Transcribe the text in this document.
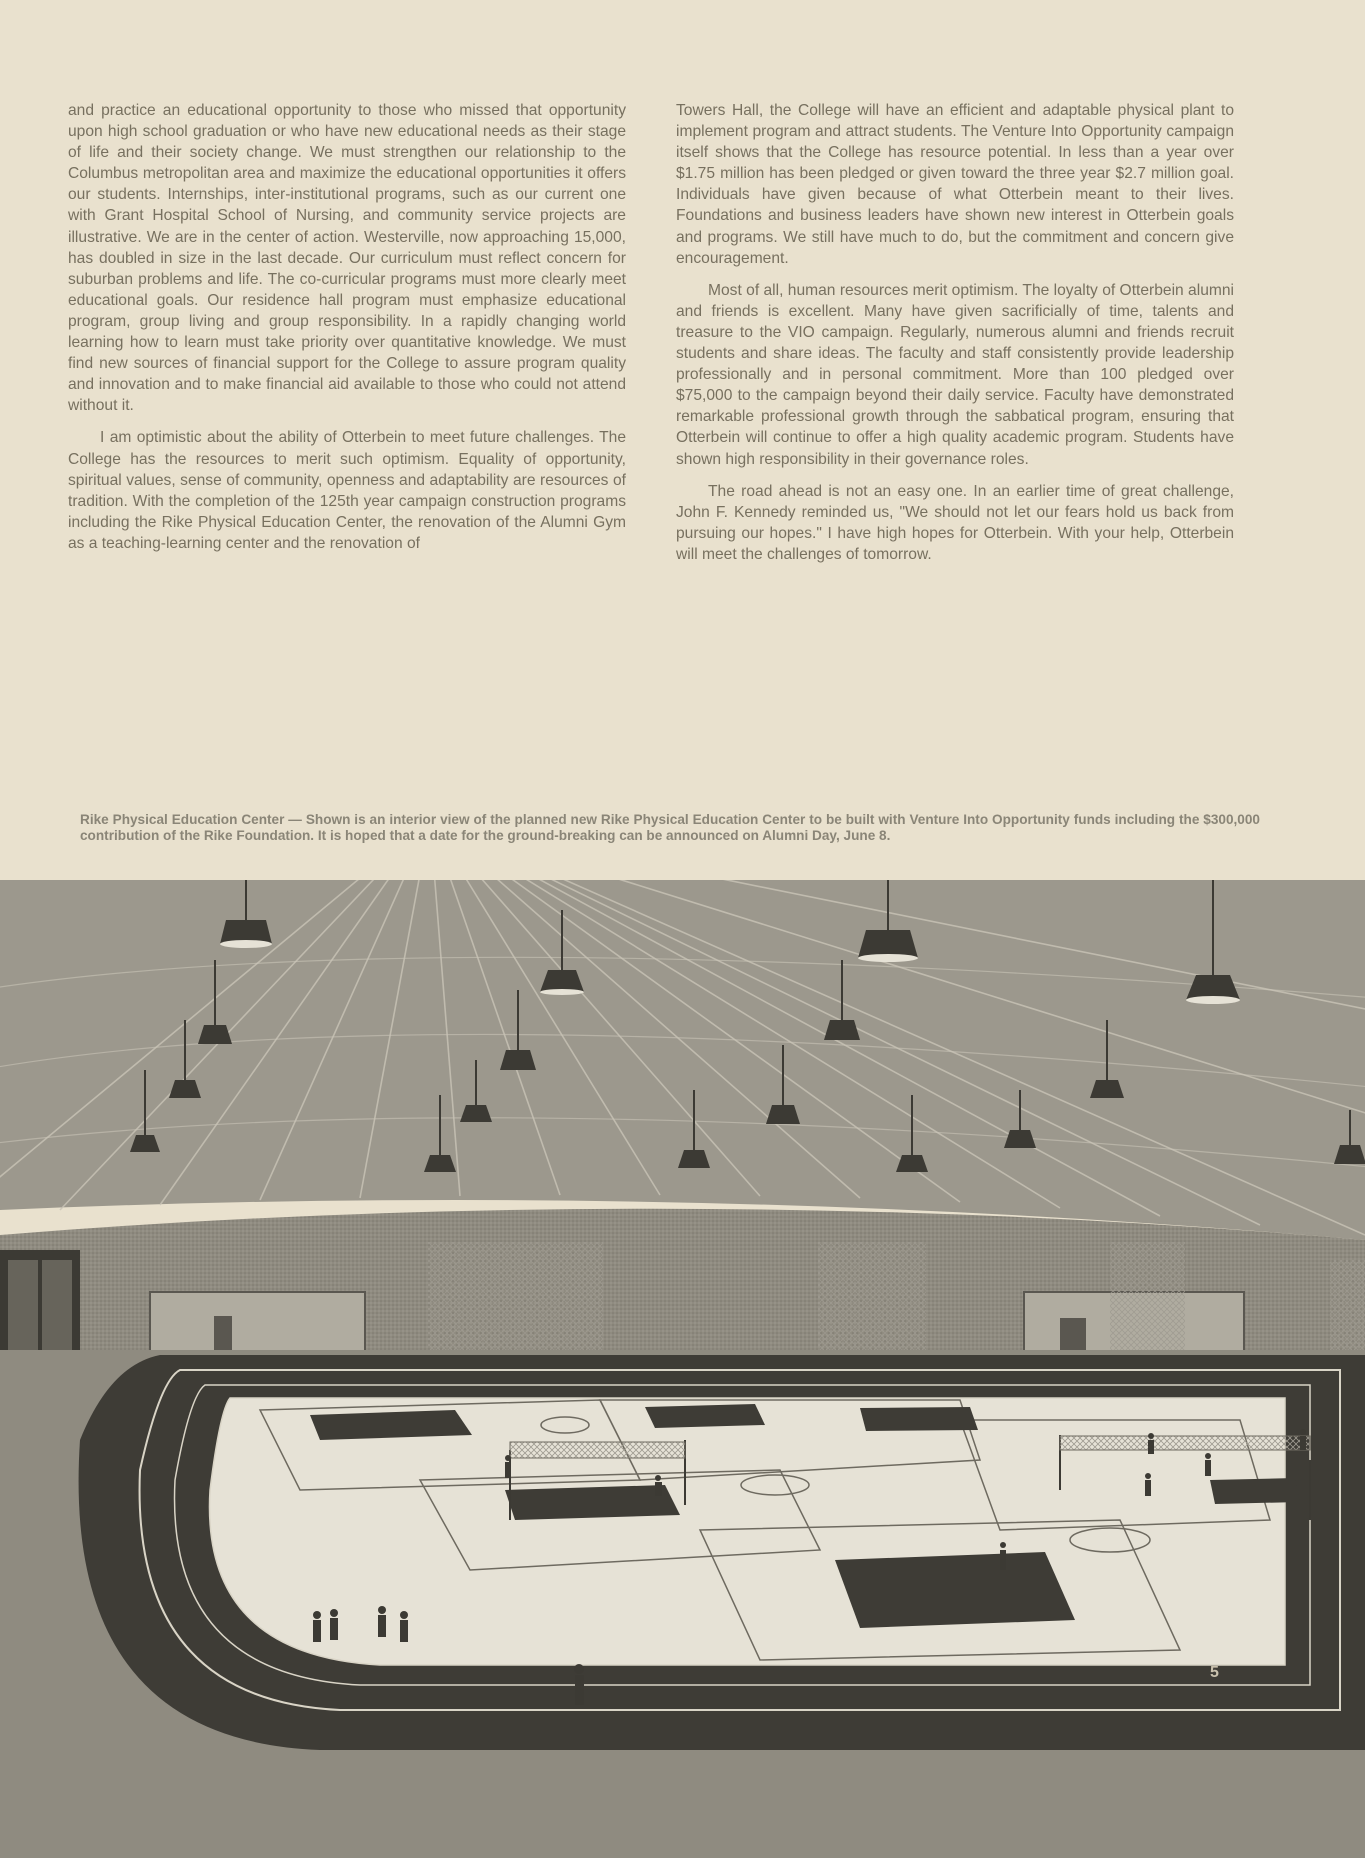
and practice an educational opportunity to those who missed that opportunity upon high school graduation or who have new educational needs as their stage of life and their society change. We must strengthen our relationship to the Columbus metropolitan area and maximize the educational opportunities it offers our students. Internships, inter-institutional programs, such as our current one with Grant Hospital School of Nursing, and community service projects are illustrative. We are in the center of action. Westerville, now approaching 15,000, has doubled in size in the last decade. Our curriculum must reflect concern for suburban problems and life. The co-curricular programs must more clearly meet educational goals. Our residence hall program must emphasize educational program, group living and group responsibility. In a rapidly changing world learning how to learn must take priority over quantitative knowledge. We must find new sources of financial support for the College to assure program quality and innovation and to make financial aid available to those who could not attend without it.

I am optimistic about the ability of Otterbein to meet future challenges. The College has the resources to merit such optimism. Equality of opportunity, spiritual values, sense of community, openness and adaptability are resources of tradition. With the completion of the 125th year campaign construction programs including the Rike Physical Education Center, the renovation of the Alumni Gym as a teaching-learning center and the renovation of

Towers Hall, the College will have an efficient and adaptable physical plant to implement program and attract students. The Venture Into Opportunity campaign itself shows that the College has resource potential. In less than a year over $1.75 million has been pledged or given toward the three year $2.7 million goal. Individuals have given because of what Otterbein meant to their lives. Foundations and business leaders have shown new interest in Otterbein goals and programs. We still have much to do, but the commitment and concern give encouragement.

Most of all, human resources merit optimism. The loyalty of Otterbein alumni and friends is excellent. Many have given sacrificially of time, talents and treasure to the VIO campaign. Regularly, numerous alumni and friends recruit students and share ideas. The faculty and staff consistently provide leadership professionally and in personal commitment. More than 100 pledged over $75,000 to the campaign beyond their daily service. Faculty have demonstrated remarkable professional growth through the sabbatical program, ensuring that Otterbein will continue to offer a high quality academic program. Students have shown high responsibility in their governance roles.

The road ahead is not an easy one. In an earlier time of great challenge, John F. Kennedy reminded us, "We should not let our fears hold us back from pursuing our hopes." I have high hopes for Otterbein. With your help, Otterbein will meet the challenges of tomorrow.

Rike Physical Education Center — Shown is an interior view of the planned new Rike Physical Education Center to be built with Venture Into Opportunity funds including the $300,000 contribution of the Rike Foundation. It is hoped that a date for the ground-breaking can be announced on Alumni Day, June 8.
5
